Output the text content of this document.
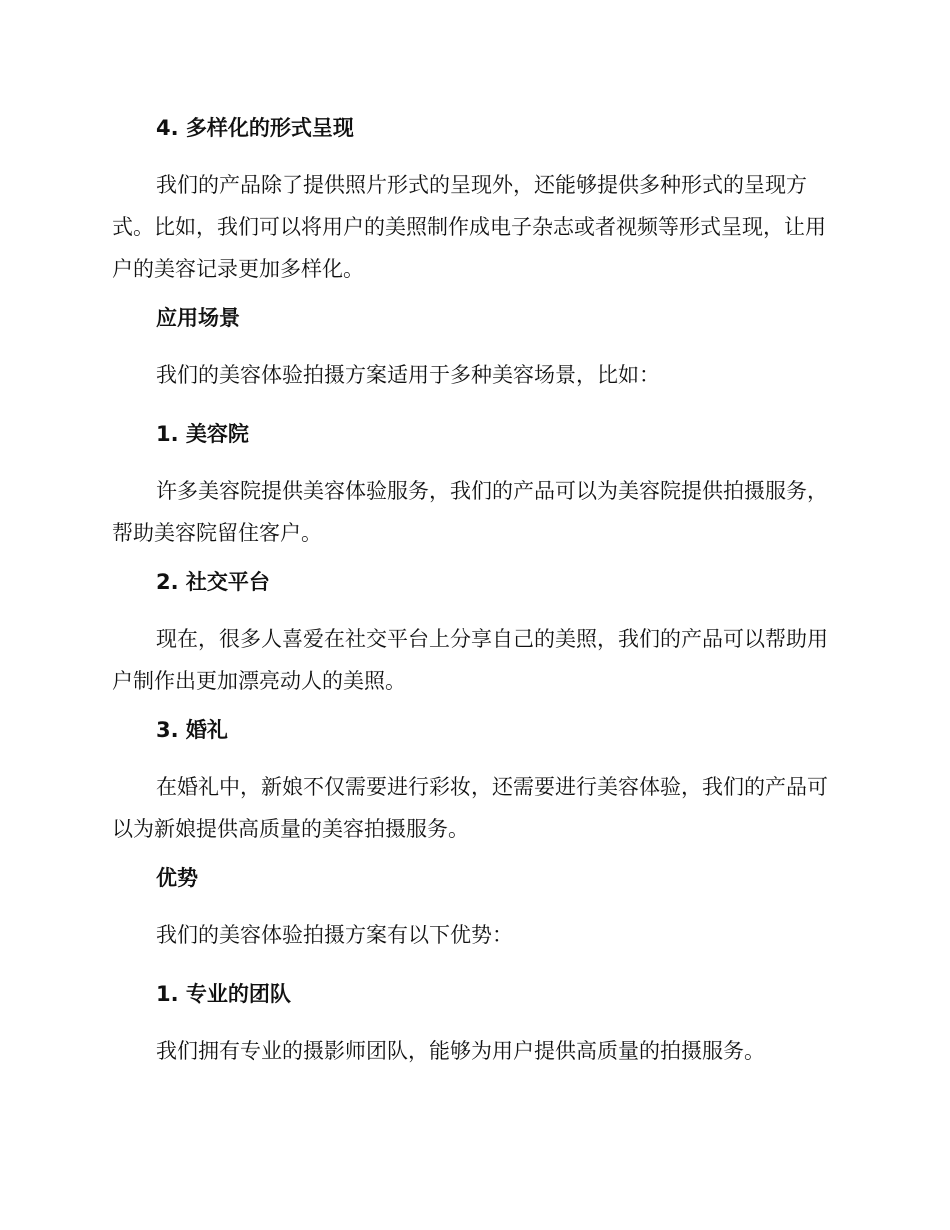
4. 多样化的形式呈现

我们的产品除了提供照片形式的呈现外，还能够提供多种形式的呈现方式。比如，我们可以将用户的美照制作成电子杂志或者视频等形式呈现，让用户的美容记录更加多样化。

应用场景

我们的美容体验拍摄方案适用于多种美容场景，比如：

1. 美容院

许多美容院提供美容体验服务，我们的产品可以为美容院提供拍摄服务，帮助美容院留住客户。

2. 社交平台

现在，很多人喜爱在社交平台上分享自己的美照，我们的产品可以帮助用户制作出更加漂亮动人的美照。

3. 婚礼

在婚礼中，新娘不仅需要进行彩妆，还需要进行美容体验，我们的产品可以为新娘提供高质量的美容拍摄服务。

优势

我们的美容体验拍摄方案有以下优势：

1. 专业的团队

我们拥有专业的摄影师团队，能够为用户提供高质量的拍摄服务。
